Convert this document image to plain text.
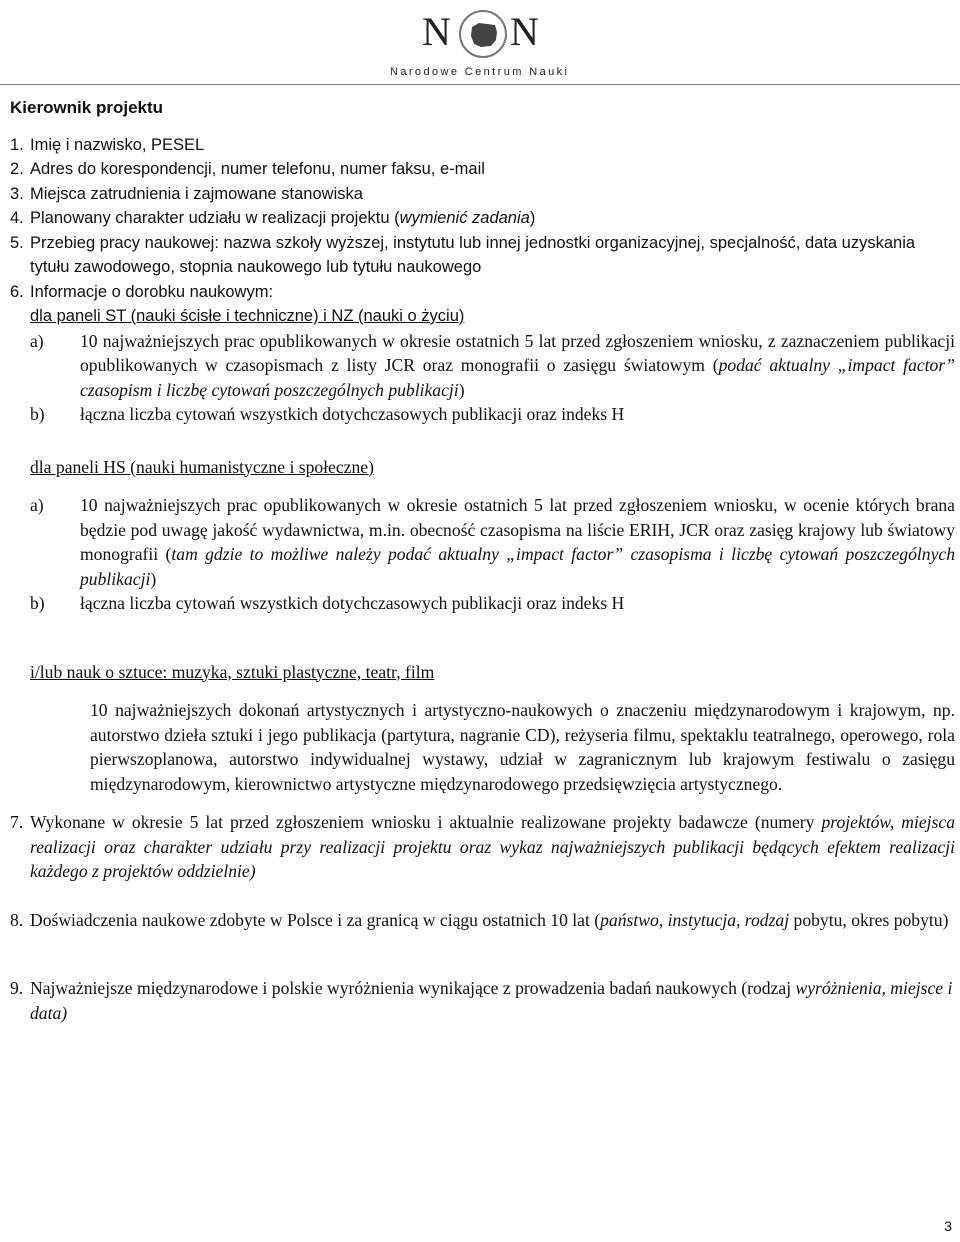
N N
Narodowe Centrum Nauki
Kierownik projektu
1. Imię i nazwisko, PESEL
2. Adres do korespondencji, numer telefonu, numer faksu, e-mail
3. Miejsca zatrudnienia i zajmowane stanowiska
4. Planowany charakter udziału w realizacji projektu (wymienić zadania)
5. Przebieg pracy naukowej: nazwa szkoły wyższej, instytutu lub innej jednostki organizacyjnej, specjalność, data uzyskania tytułu zawodowego, stopnia naukowego lub tytułu naukowego
6. Informacje o dorobku naukowym:
dla paneli ST (nauki ścisłe i techniczne) i NZ (nauki o życiu)
a) 10 najważniejszych prac opublikowanych w okresie ostatnich 5 lat przed zgłoszeniem wniosku, z zaznaczeniem publikacji opublikowanych w czasopismach z listy JCR oraz monografii o zasięgu światowym (podać aktualny „impact factor” czasopism i liczbę cytowań poszczególnych publikacji)
b) łączna liczba cytowań wszystkich dotychczasowych publikacji oraz indeks H
dla paneli HS (nauki humanistyczne i społeczne)
a) 10 najważniejszych prac opublikowanych w okresie ostatnich 5 lat przed zgłoszeniem wniosku, w ocenie których brana będzie pod uwagę jakość wydawnictwa, m.in. obecność czasopisma na liście ERIH, JCR oraz zasięg krajowy lub światowy monografii (tam gdzie to możliwe należy podać aktualny „impact factor” czasopisma i liczbę cytowań poszczególnych publikacji)
b) łączna liczba cytowań wszystkich dotychczasowych publikacji oraz indeks H
i/lub nauk o sztuce: muzyka, sztuki plastyczne, teatr, film
10 najważniejszych dokonań artystycznych i artystyczno-naukowych o znaczeniu międzynarodowym i krajowym, np. autorstwo dzieła sztuki i jego publikacja (partytura, nagranie CD), reżyseria filmu, spektaklu teatralnego, operowego, rola pierwszoplanowa, autorstwo indywidualnej wystawy, udział w zagranicznym lub krajowym festiwalu o zasięgu międzynarodowym, kierownictwo artystyczne międzynarodowego przedsięwzięcia artystycznego.
7. Wykonane w okresie 5 lat przed zgłoszeniem wniosku i aktualnie realizowane projekty badawcze (numery projektów, miejsca realizacji oraz charakter udziału przy realizacji projektu oraz wykaz najważniejszych publikacji będących efektem realizacji każdego z projektów oddzielnie)
8. Doświadczenia naukowe zdobyte w Polsce i za granicą w ciągu ostatnich 10 lat (państwo, instytucja, rodzaj pobytu, okres pobytu)
9. Najważniejsze międzynarodowe i polskie wyróżnienia wynikające z prowadzenia badań naukowych (rodzaj wyróżnienia, miejsce i data)
3
